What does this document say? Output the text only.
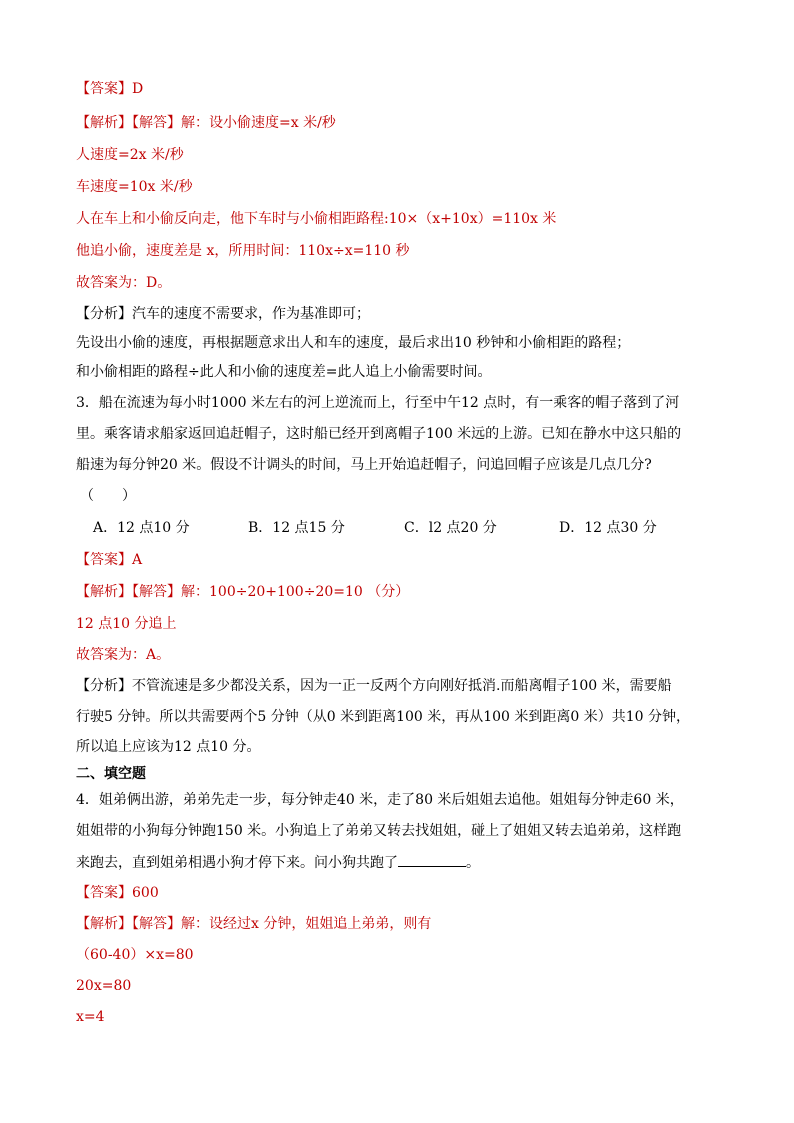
【答案】D
【解析】【解答】解：设小偷速度=x 米/秒
人速度=2x 米/秒
车速度=10x 米/秒
人在车上和小偷反向走，他下车时与小偷相距路程:10×（x+10x）=110x 米
他追小偷，速度差是 x，所用时间：110x÷x=110 秒
故答案为：D。
【分析】汽车的速度不需要求，作为基准即可；
先设出小偷的速度，再根据题意求出人和车的速度，最后求出10 秒钟和小偷相距的路程；
和小偷相距的路程÷此人和小偷的速度差=此人追上小偷需要时间。
3．船在流速为每小时1000 米左右的河上逆流而上，行至中午12 点时，有一乘客的帽子落到了河
里。乘客请求船家返回追赶帽子，这时船已经开到离帽子100 米远的上游。已知在静水中这只船的
船速为每分钟20 米。假设不计调头的时间，马上开始追赶帽子，问追回帽子应该是几点几分?
（　　）
A．12 点10 分	B．12 点15 分	C．l2 点20 分	D．12 点30 分
【答案】A
【解析】【解答】解：100÷20+100÷20=10 （分）
12 点10 分追上
故答案为：A。
【分析】不管流速是多少都没关系，因为一正一反两个方向刚好抵消.而船离帽子100 米，需要船
行驶5 分钟。所以共需要两个5 分钟（从0 米到距离100 米，再从100 米到距离0 米）共10 分钟，
所以追上应该为12 点10 分。
二、填空题
4．姐弟俩出游，弟弟先走一步，每分钟走40 米，走了80 米后姐姐去追他。姐姐每分钟走60 米，
姐姐带的小狗每分钟跑150 米。小狗追上了弟弟又转去找姐姐，碰上了姐姐又转去追弟弟，这样跑
来跑去，直到姐弟相遇小狗才停下来。问小狗共跑了	。
【答案】600
【解析】【解答】解：设经过x 分钟，姐姐追上弟弟，则有
（60-40）×x=80
20x=80
x=4
